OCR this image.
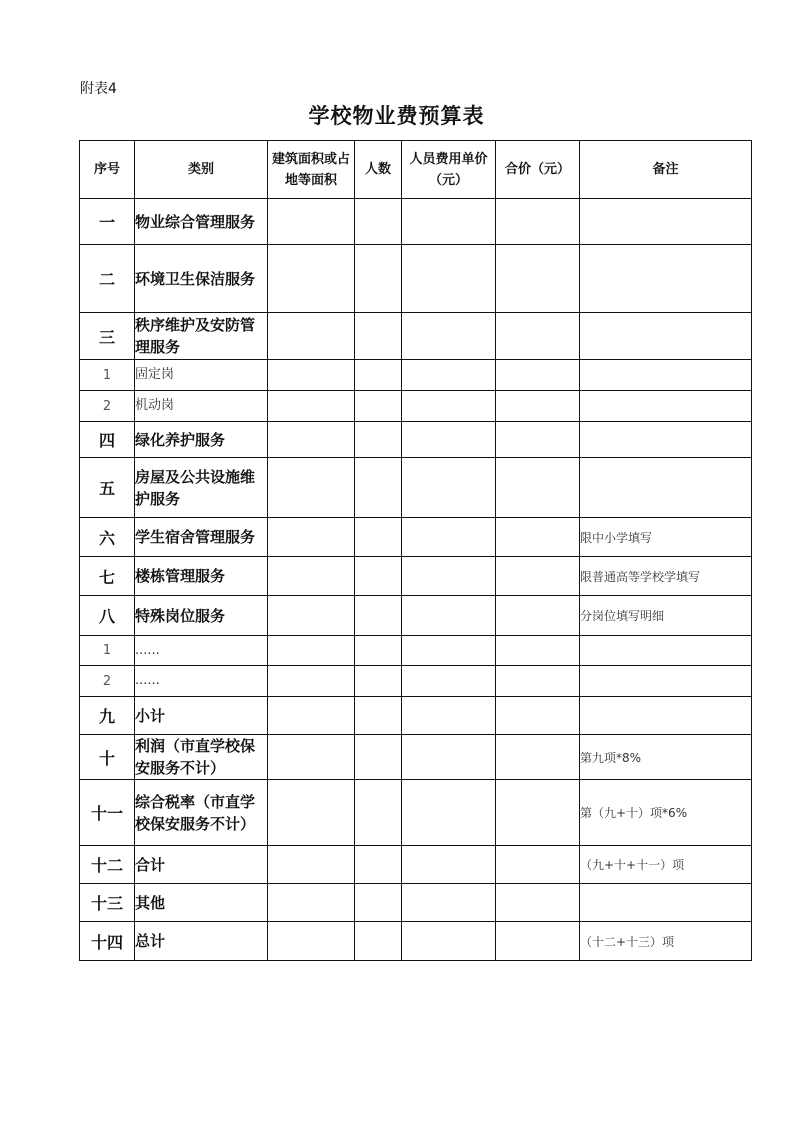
附表4
学校物业费预算表
序号	类别	建筑面积或占地等面积	人数	人员费用单价（元）	合价（元）	备注
一	物业综合管理服务					
二	环境卫生保洁服务					
三	秩序维护及安防管理服务					
1	固定岗					
2	机动岗					
四	绿化养护服务					
五	房屋及公共设施维护服务					
六	学生宿舍管理服务					限中小学填写
七	楼栋管理服务					限普通高等学校学填写
八	特殊岗位服务					分岗位填写明细
1	......					
2	......					
九	小计					
十	利润（市直学校保安服务不计）					第九项*8%
十一	综合税率（市直学校保安服务不计）					第（九+十）项*6%
十二	合计					（九+十+十一）项
十三	其他					
十四	总计					（十二+十三）项
